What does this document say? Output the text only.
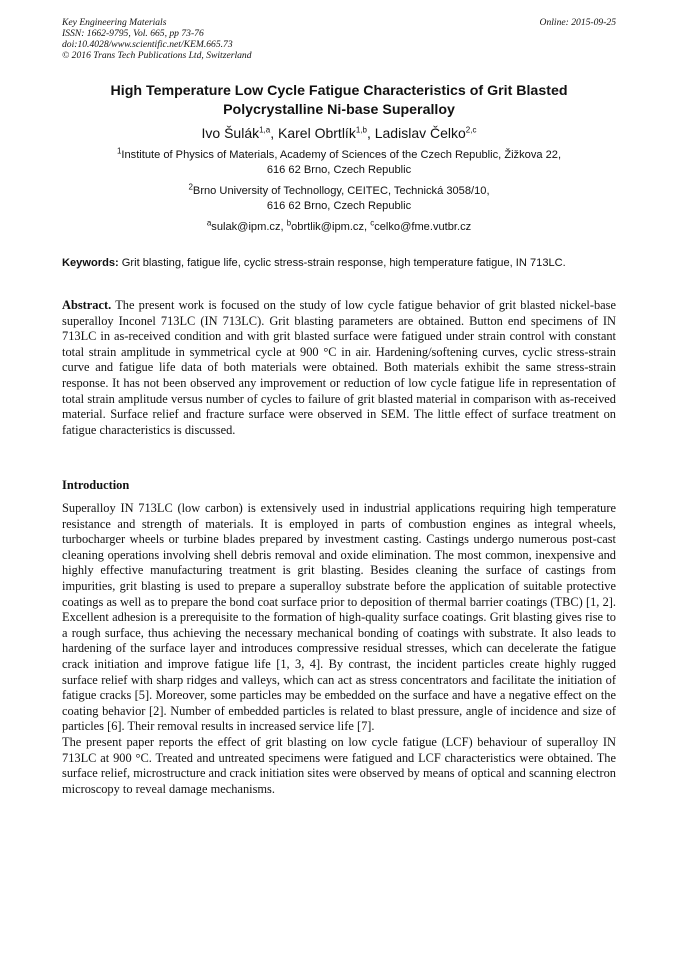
Key Engineering Materials
ISSN: 1662-9795, Vol. 665, pp 73-76
doi:10.4028/www.scientific.net/KEM.665.73
© 2016 Trans Tech Publications Ltd, Switzerland
Online: 2015-09-25
High Temperature Low Cycle Fatigue Characteristics of Grit Blasted Polycrystalline Ni-base Superalloy
Ivo Šulák$^{1,a}$, Karel Obrtlík$^{1,b}$, Ladislav Čelko$^{2,c}$
$^1$Institute of Physics of Materials, Academy of Sciences of the Czech Republic, Žižkova 22,
616 62 Brno, Czech Republic
$^2$Brno University of Technollogy, CEITEC, Technická 3058/10,
616 62 Brno, Czech Republic
$^a$sulak@ipm.cz, $^b$obrtlik@ipm.cz, $^c$celko@fme.vutbr.cz
Keywords: Grit blasting, fatigue life, cyclic stress-strain response, high temperature fatigue, IN 713LC.
Abstract. The present work is focused on the study of low cycle fatigue behavior of grit blasted nickel-base superalloy Inconel 713LC (IN 713LC). Grit blasting parameters are obtained. Button end specimens of IN 713LC in as-received condition and with grit blasted surface were fatigued under strain control with constant total strain amplitude in symmetrical cycle at 900 °C in air. Hardening/softening curves, cyclic stress-strain curve and fatigue life data of both materials were obtained. Both materials exhibit the same stress-strain response. It has not been observed any improvement or reduction of low cycle fatigue life in representation of total strain amplitude versus number of cycles to failure of grit blasted material in comparison with as-received material. Surface relief and fracture surface were observed in SEM. The little effect of surface treatment on fatigue characteristics is discussed.
Introduction

Superalloy IN 713LC (low carbon) is extensively used in industrial applications requiring high temperature resistance and strength of materials. It is employed in parts of combustion engines as integral wheels, turbocharger wheels or turbine blades prepared by investment casting. Castings undergo numerous post-cast cleaning operations involving shell debris removal and oxide elimination. The most common, inexpensive and highly effective manufacturing treatment is grit blasting. Besides cleaning the surface of castings from impurities, grit blasting is used to prepare a superalloy substrate before the application of suitable protective coatings as well as to prepare the bond coat surface prior to deposition of thermal barrier coatings (TBC) [1, 2]. Excellent adhesion is a prerequisite to the formation of high-quality surface coatings. Grit blasting gives rise to a rough surface, thus achieving the necessary mechanical bonding of coatings with substrate. It also leads to hardening of the surface layer and introduces compressive residual stresses, which can decelerate the fatigue crack initiation and improve fatigue life [1, 3, 4]. By contrast, the incident particles create highly rugged surface relief with sharp ridges and valleys, which can act as stress concentrators and facilitate the initiation of fatigue cracks [5]. Moreover, some particles may be embedded on the surface and have a negative effect on the coating behavior [2]. Number of embedded particles is related to blast pressure, angle of incidence and size of particles [6]. Their removal results in increased service life [7].

The present paper reports the effect of grit blasting on low cycle fatigue (LCF) behaviour of superalloy IN 713LC at 900 °C. Treated and untreated specimens were fatigued and LCF characteristics were obtained. The surface relief, microstructure and crack initiation sites were observed by means of optical and scanning electron microscopy to reveal damage mechanisms.
